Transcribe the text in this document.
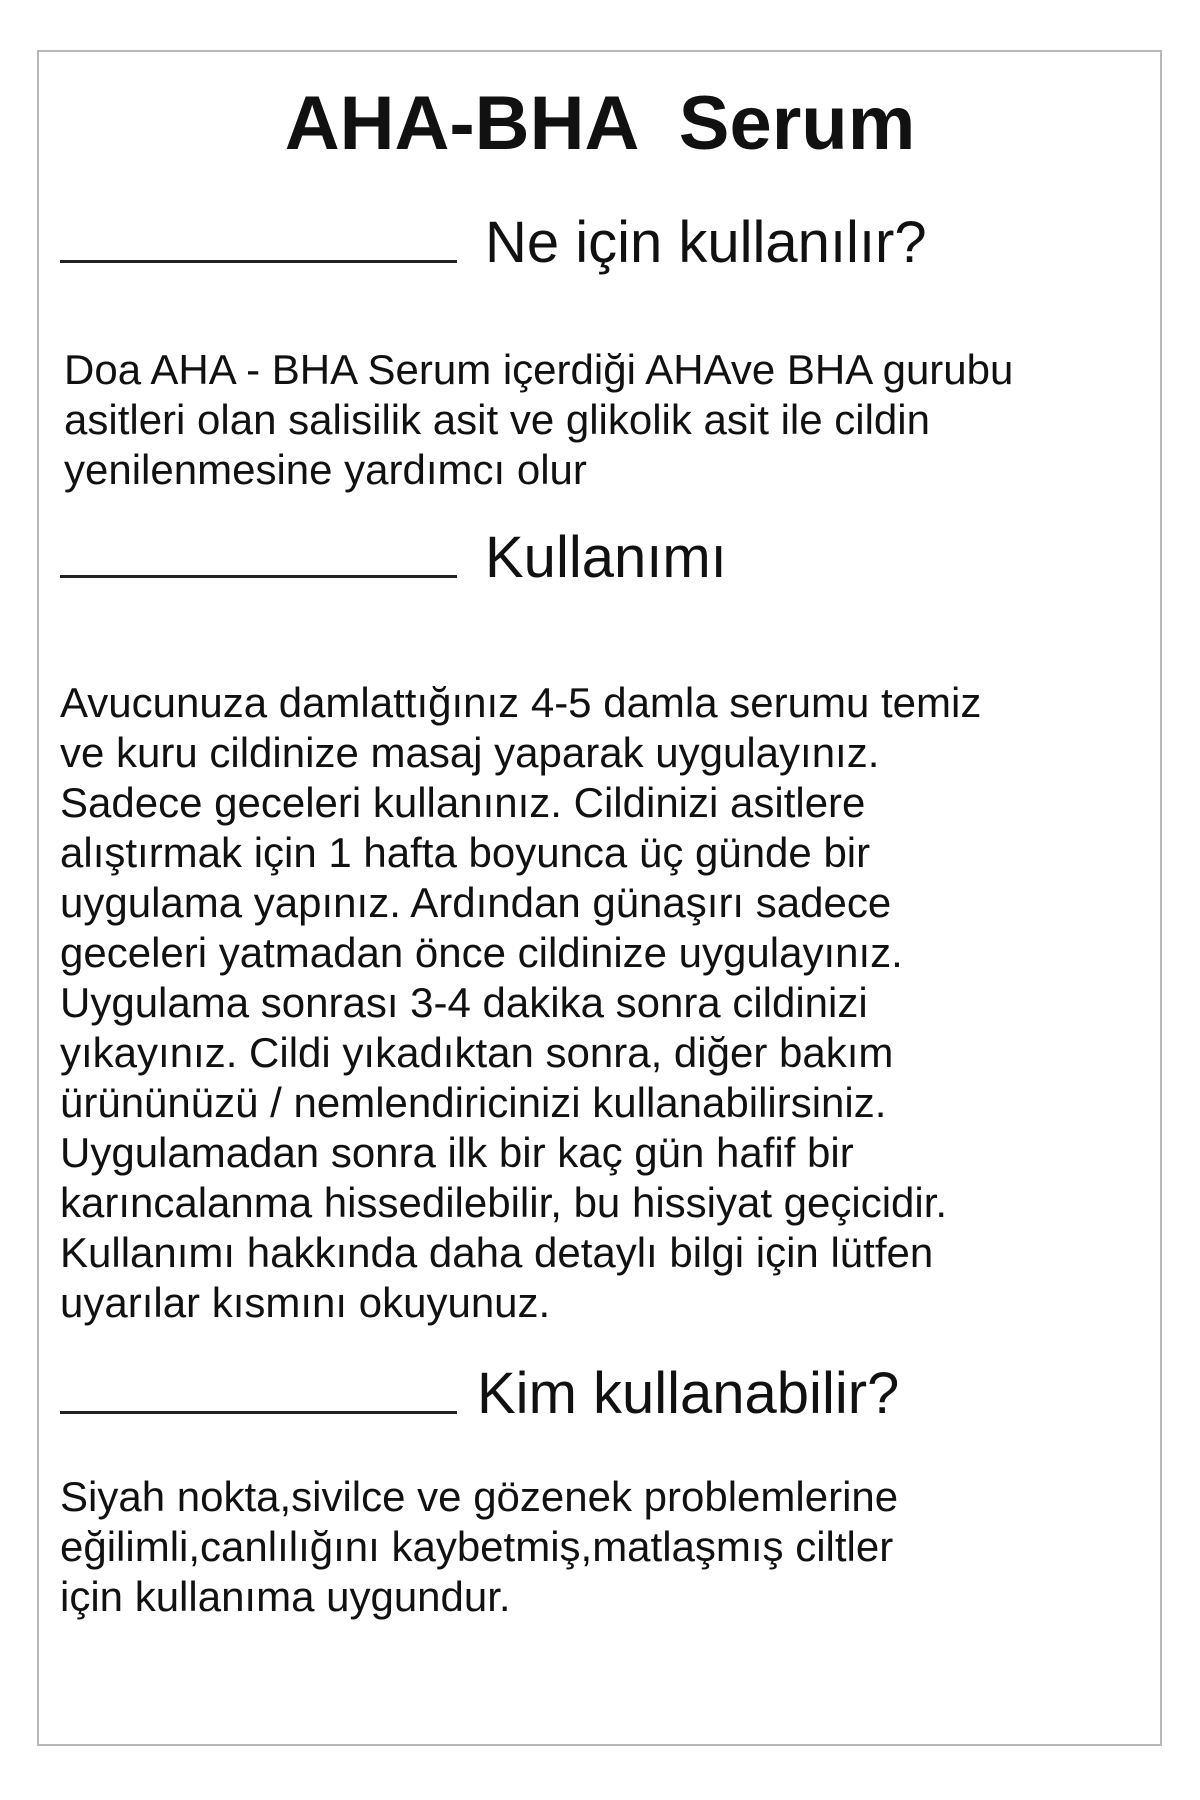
AHA-BHA  Serum
Ne için kullanılır?
Doa AHA - BHA Serum içerdiği AHAve BHA gurubu
asitleri olan salisilik asit ve glikolik asit ile cildin
yenilenmesine yardımcı olur
Kullanımı
Avucunuza damlattığınız 4-5 damla serumu temiz
ve kuru cildinize masaj yaparak uygulayınız.
Sadece geceleri kullanınız. Cildinizi asitlere
alıştırmak için 1 hafta boyunca üç günde bir
uygulama yapınız. Ardından günaşırı sadece
geceleri yatmadan önce cildinize uygulayınız.
Uygulama sonrası 3-4 dakika sonra cildinizi
yıkayınız. Cildi yıkadıktan sonra, diğer bakım
ürününüzü / nemlendiricinizi kullanabilirsiniz.
Uygulamadan sonra ilk bir kaç gün hafif bir
karıncalanma hissedilebilir, bu hissiyat geçicidir.
Kullanımı hakkında daha detaylı bilgi için lütfen
uyarılar kısmını okuyunuz.
Kim kullanabilir?
Siyah nokta,sivilce ve gözenek problemlerine
eğilimli,canlılığını kaybetmiş,matlaşmış ciltler
için kullanıma uygundur.
